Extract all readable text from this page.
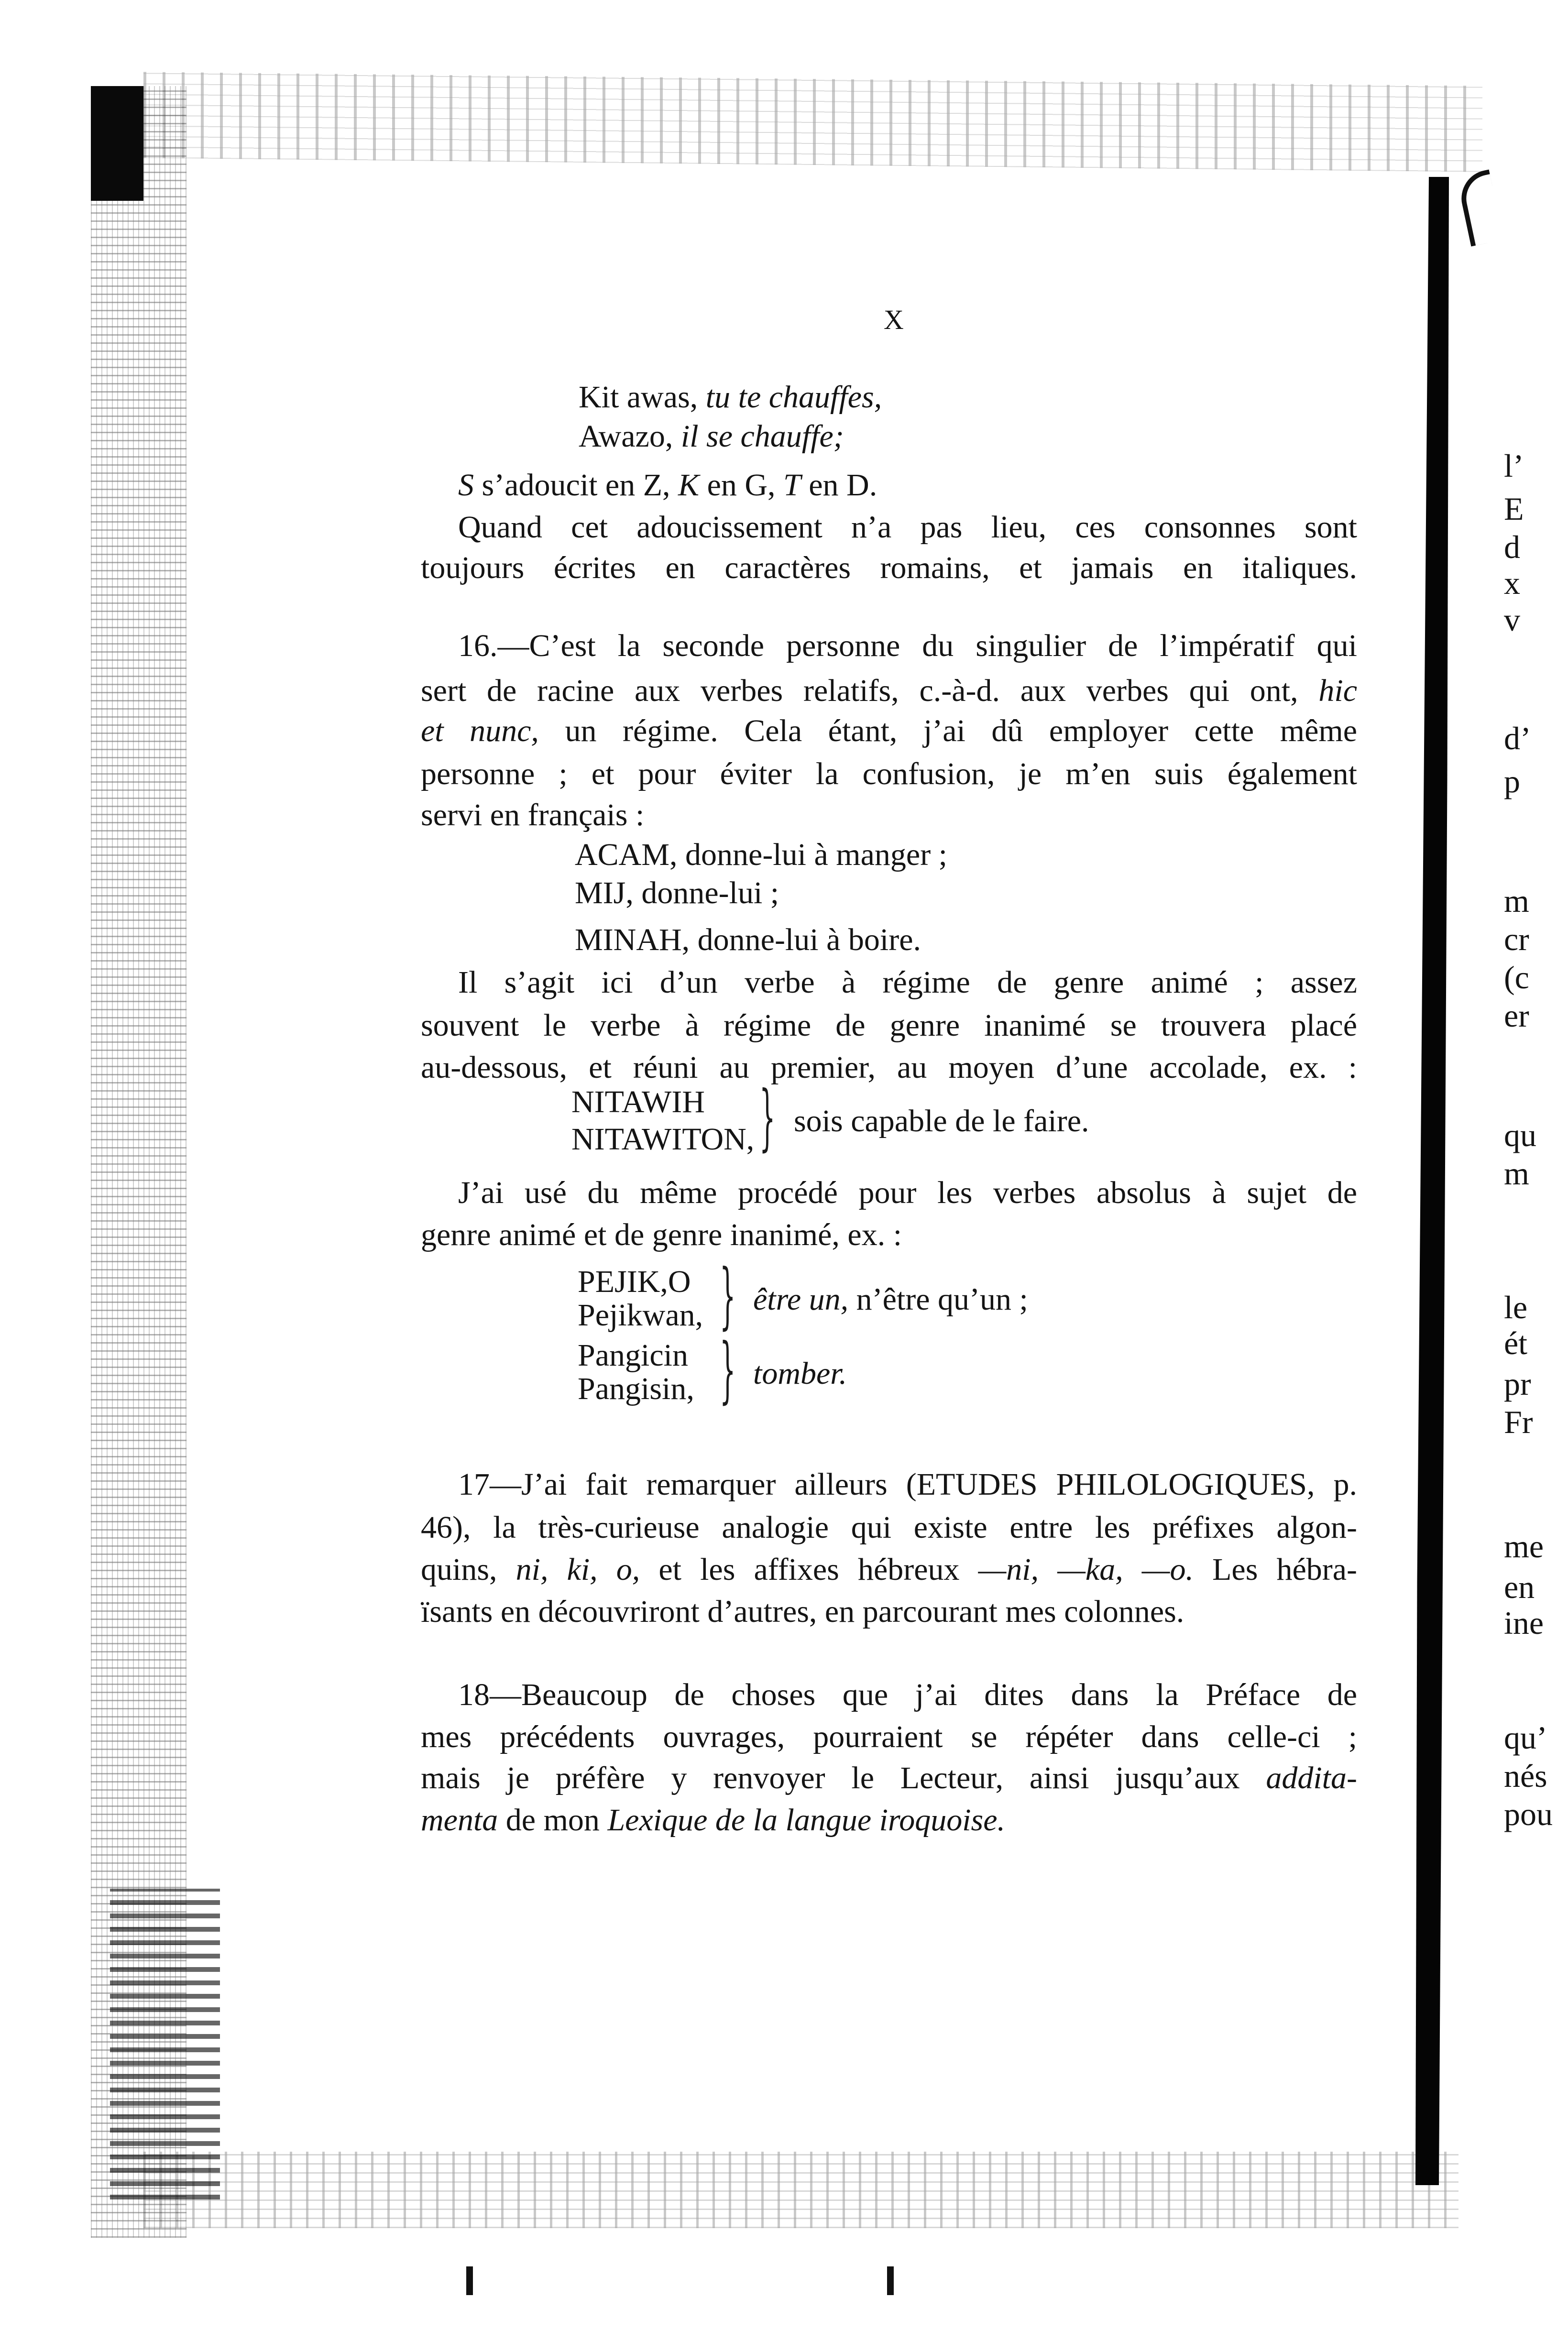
l’
E
d
x
v
d’
p
m
cr
(c
er
qu
m
le
ét
pr
Fr
me
en
ine
qu’
nés
pou
X
Kit awas, tu te chauffes,
Awazo, il se chauffe;
S s’adoucit en Z, K en G, T en D.
Quand cet adoucissement n’a pas lieu, ces consonnes sont
toujours écrites en caractères romains, et jamais en italiques.
16.—C’est la seconde personne du singulier de l’impératif qui
sert de racine aux verbes relatifs, c.-à-d. aux verbes qui ont, hic
et nunc, un régime. Cela étant, j’ai dû employer cette même
personne ; et pour éviter la confusion, je m’en suis également
servi en français :
ACAM, donne-lui à manger ;
MIJ, donne-lui ;
MINAH, donne-lui à boire.
Il s’agit ici d’un verbe à régime de genre animé ; assez
souvent le verbe à régime de genre inanimé se trouvera placé
au-dessous, et réuni au premier, au moyen d’une accolade, ex. :
NITAWIH
NITAWITON, } sois capable de le faire.
J’ai usé du même procédé pour les verbes absolus à sujet de
genre animé et de genre inanimé, ex. :
PEJIK,O
Pejikwan, } être un, n’être qu’un ;
Pangicin
Pangisin, } tomber.
17—J’ai fait remarquer ailleurs (ETUDES PHILOLOGIQUES, p.
46), la très-curieuse analogie qui existe entre les préfixes algon-
quins, ni, ki, o, et les affixes hébreux —ni, —ka, —o. Les hébra-
ïsants en découvriront d’autres, en parcourant mes colonnes.
18—Beaucoup de choses que j’ai dites dans la Préface de
mes précédents ouvrages, pourraient se répéter dans celle-ci ;
mais je préfère y renvoyer le Lecteur, ainsi jusqu’aux addita-
menta de mon Lexique de la langue iroquoise.
